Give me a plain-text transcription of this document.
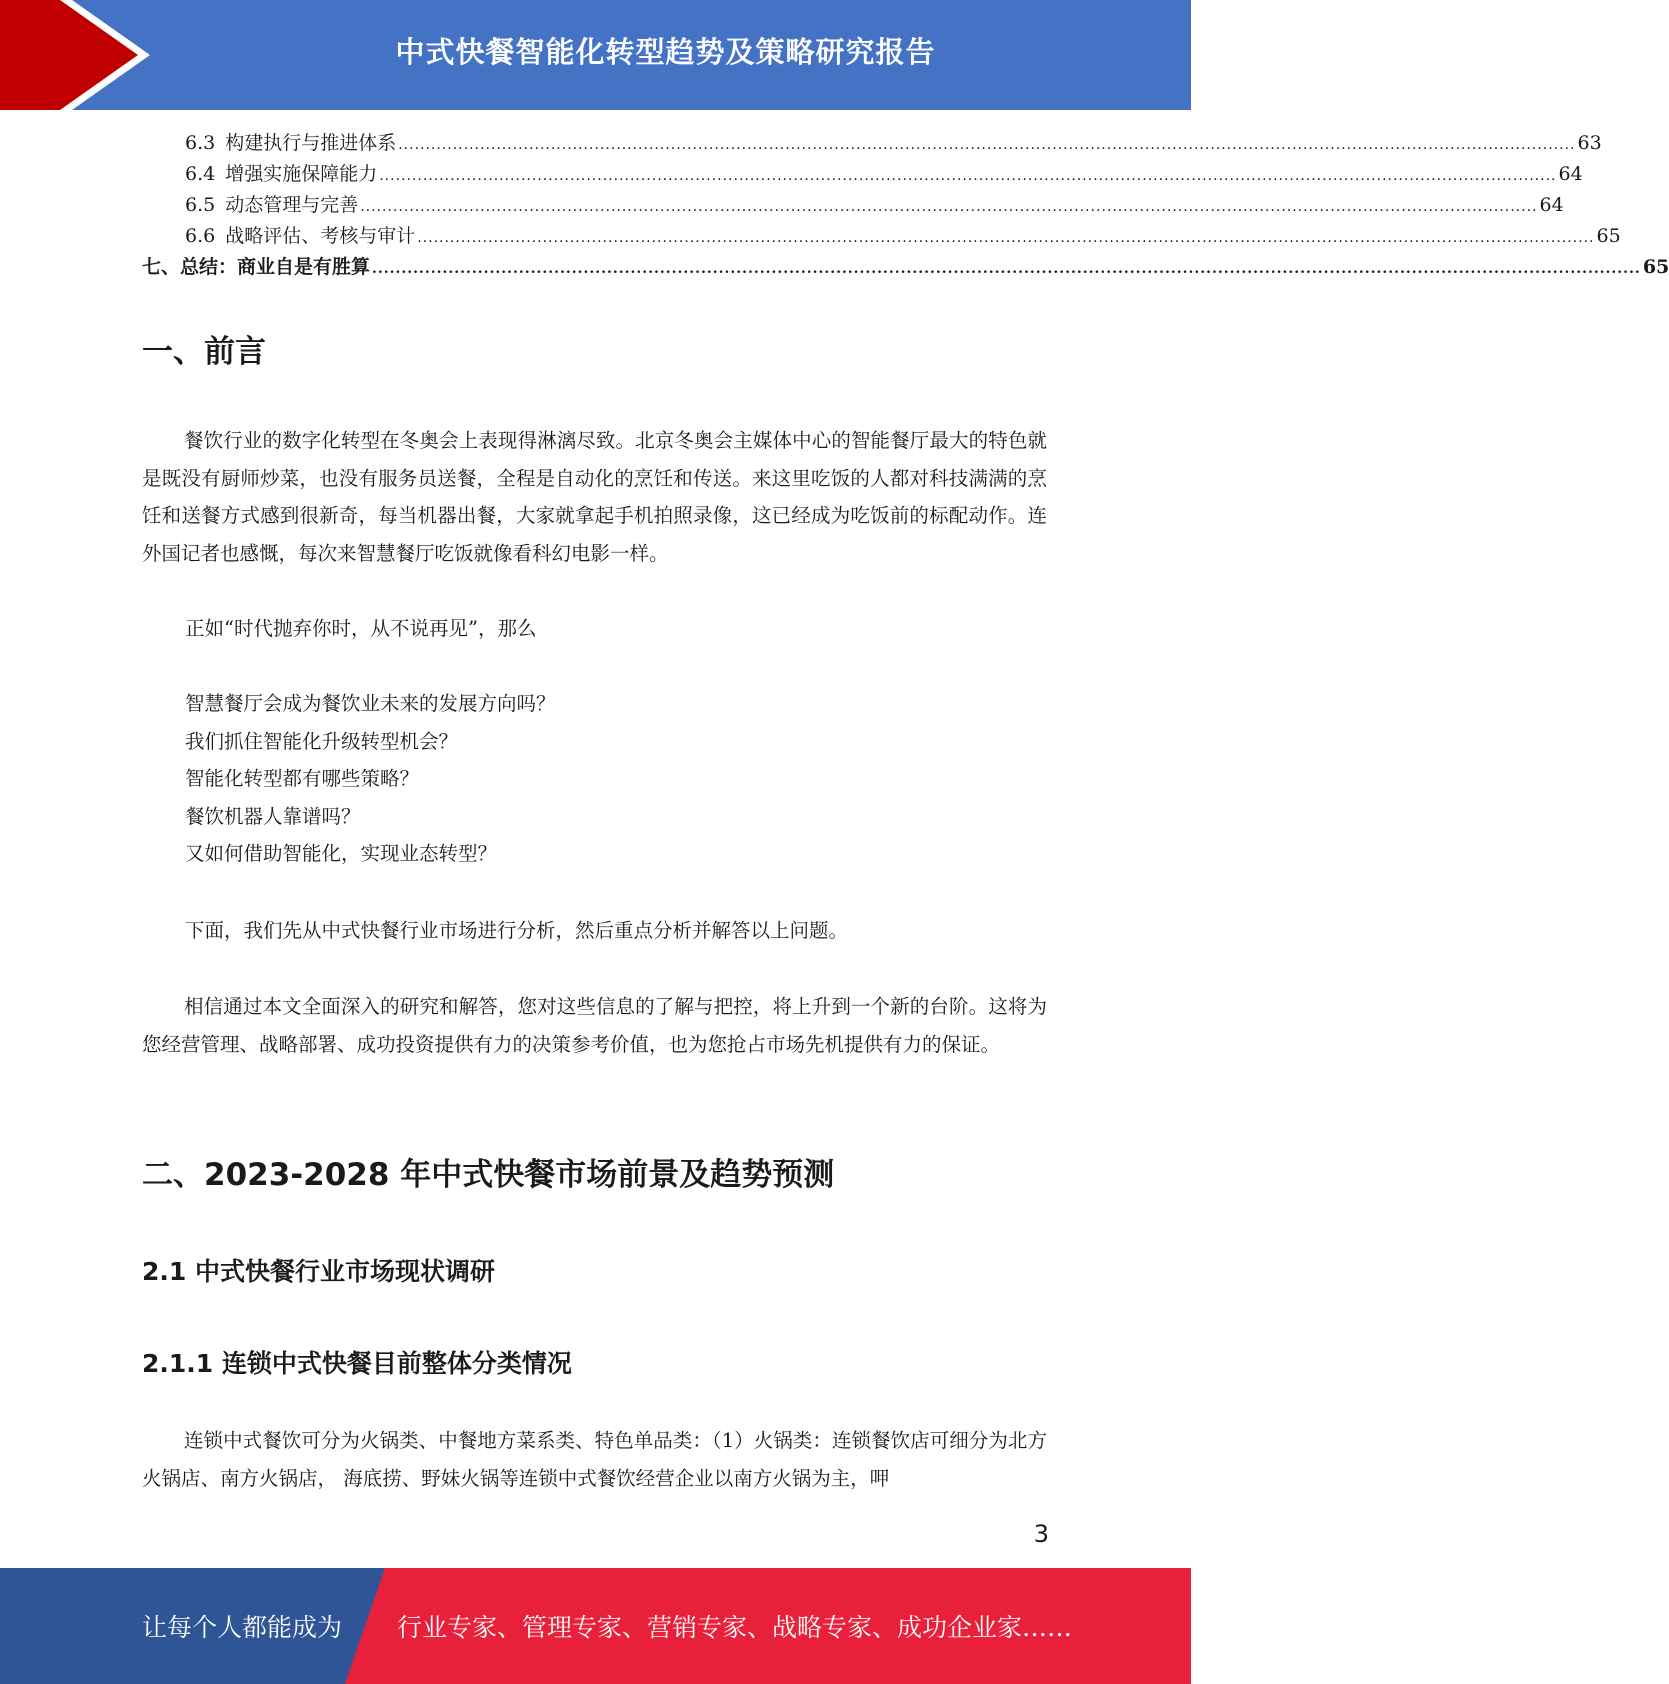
中式快餐智能化转型趋势及策略研究报告
6.3 构建执行与推进体系 ........................................................................................................................................................................................................................ 63
6.4 增强实施保障能力 ........................................................................................................................................................................................................................ 64
6.5 动态管理与完善 ........................................................................................................................................................................................................................ 64
6.6 战略评估、考核与审计 ........................................................................................................................................................................................................................ 65
七、总结：商业自是有胜算 ........................................................................................................................................................................................................................ 65
一、前言

餐饮行业的数字化转型在冬奥会上表现得淋漓尽致。北京冬奥会主媒体中心的智能餐厅最大的特色就是既没有厨师炒菜，也没有服务员送餐，全程是自动化的烹饪和传送。来这里吃饭的人都对科技满满的烹饪和送餐方式感到很新奇，每当机器出餐，大家就拿起手机拍照录像，这已经成为吃饭前的标配动作。连外国记者也感慨，每次来智慧餐厅吃饭就像看科幻电影一样。

正如“时代抛弃你时，从不说再见”，那么

智慧餐厅会成为餐饮业未来的发展方向吗？

我们抓住智能化升级转型机会？

智能化转型都有哪些策略？

餐饮机器人靠谱吗？

又如何借助智能化，实现业态转型？

下面，我们先从中式快餐行业市场进行分析，然后重点分析并解答以上问题。

相信通过本文全面深入的研究和解答，您对这些信息的了解与把控，将上升到一个新的台阶。这将为您经营管理、战略部署、成功投资提供有力的决策参考价值，也为您抢占市场先机提供有力的保证。

二、2023-2028 年中式快餐市场前景及趋势预测
2.1 中式快餐行业市场现状调研
2.1.1 连锁中式快餐目前整体分类情况

连锁中式餐饮可分为火锅类、中餐地方菜系类、特色单品类：（1）火锅类：连锁餐饮店可细分为北方火锅店、南方火锅店， 海底捞、野妹火锅等连锁中式餐饮经营企业以南方火锅为主，呷

3
让每个人都能成为 行业专家、管理专家、营销专家、战略专家、成功企业家……
